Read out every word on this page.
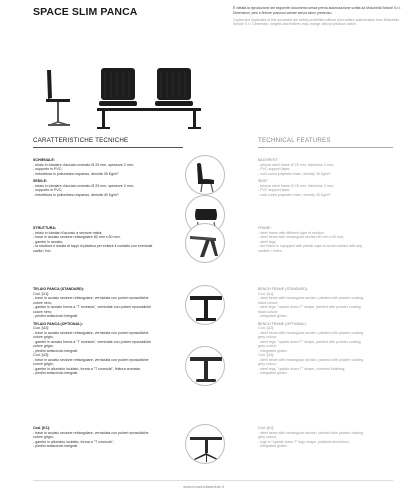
SPACE SLIM PANCA	È vietata la riproduzione del seguente documento senza previa autorizzazione scritta da Moschella Sedute S.r.l. Dimensioni, pesi e finiture possono variare senza alcun preavviso.

Copies and duplicates of this document are strictly prohibited without prior written authorization from Moschella Sedute S.r.l. Dimension, weights and finishes may change without previous notice.

CARATTERISTICHE TECNICHE	TECHNICAL FEATURES
SCHIENALE:
- telaio in tubolare d'acciaio cromato Ø 25 mm, spessore 2 mm;
- supporto in PVC;
- imbottitura in poliuretano espanso, densità 35 Kg/m³.
SEDILE:
- telaio in tubolare d'acciaio cromato Ø 25 mm, spessore 2 mm;
- supporto in PVC;
- imbottitura in poliuretano espanso, densità 40 Kg/m³.
STRUTTURA:
- telaio in tubolari d'acciaio a sezione mista;
- trave in acciaio sezione rettangolare 80 mm x 60 mm;
- gambe in acciaio;
- la struttura è dotata di tappi di plastica per evitare il contatto con eventuali
cavità / fori.
TELAIO PANCA (STANDARD):
Cod. [U1]:
- trave in acciaio sezione rettangolare, verniciata con polveri epossidiche
colore nero;
- gambe in acciaio forma a "T rovescia", verniciate con polveri epossidiche
colore nero;
- piedini antiscivolo integrati.
TELAIO PANCA (OPTIONAL):
Cod. [U2]:
- trave in acciaio sezione rettangolare, verniciata con polveri epossidiche
colore grigio;
- gambe in acciaio forma a "T rovescia", verniciate con polveri epossidiche
colore grigio;
- piedini antiscivolo integrati.
Cod. [U3]:
- trave in acciaio sezione rettangolare, verniciata con polveri epossidiche
colore grigio;
- gambe in alluminio lucidato, forma a "T rovescia", finitura cromata;
- piedini antiscivolo integrati.
Cod. [K1]:
- trave in acciaio sezione rettangolare, verniciata con polveri epossidiche
colore grigio;
- gambe in alluminio lucidato, forma a "T rovescia";
- piedini antiscivolo integrati.
BACKREST:
- tubular steel frame Ø 25 mm, thickness 2 mm;
- PVC support layer;
- cold cured polyester foam, density 35 Kg/m³.
SEAT:
- tubular steel frame Ø 25 mm, thickness 2 mm;
- PVC support layer;
- cold cured polyester foam, density 40 Kg/m³.
FRAME:
- steel frame with different type of section;
- steel beam with rectangular section 80 mm x 60 mm;
- steel legs;
- the frame is equipped with plastic caps to avoid contact with any
cavities / holes.
BENCH FRAME (STANDARD):
Cod. [U1]:
- steel beam with rectangular section, painted with powder coating
black colour;
- steel legs, "upside down T" shape, painted with powder coating
black colour;
- integrated glides.
BENCH FRAME (OPTIONAL):
Cod. [U2]:
- steel beam with rectangular section, painted with powder coating
grey colour;
- steel legs, "upside down T" shape, painted with powder coating
grey colour;
- integrated glides.
Cod. [U3]:
- steel beam with rectangular section, painted with powder coating
grey colour;
- steel legs, "upside down T" shape, chromed finishing;
- integrated glides.
Cod. [K1]:
- steel beam with rectangular section, painted with powder coating
grey colour;
- legs in "upside down T" legs shape, polished aluminium;
- integrated glides.
www.moschellasedute.it
